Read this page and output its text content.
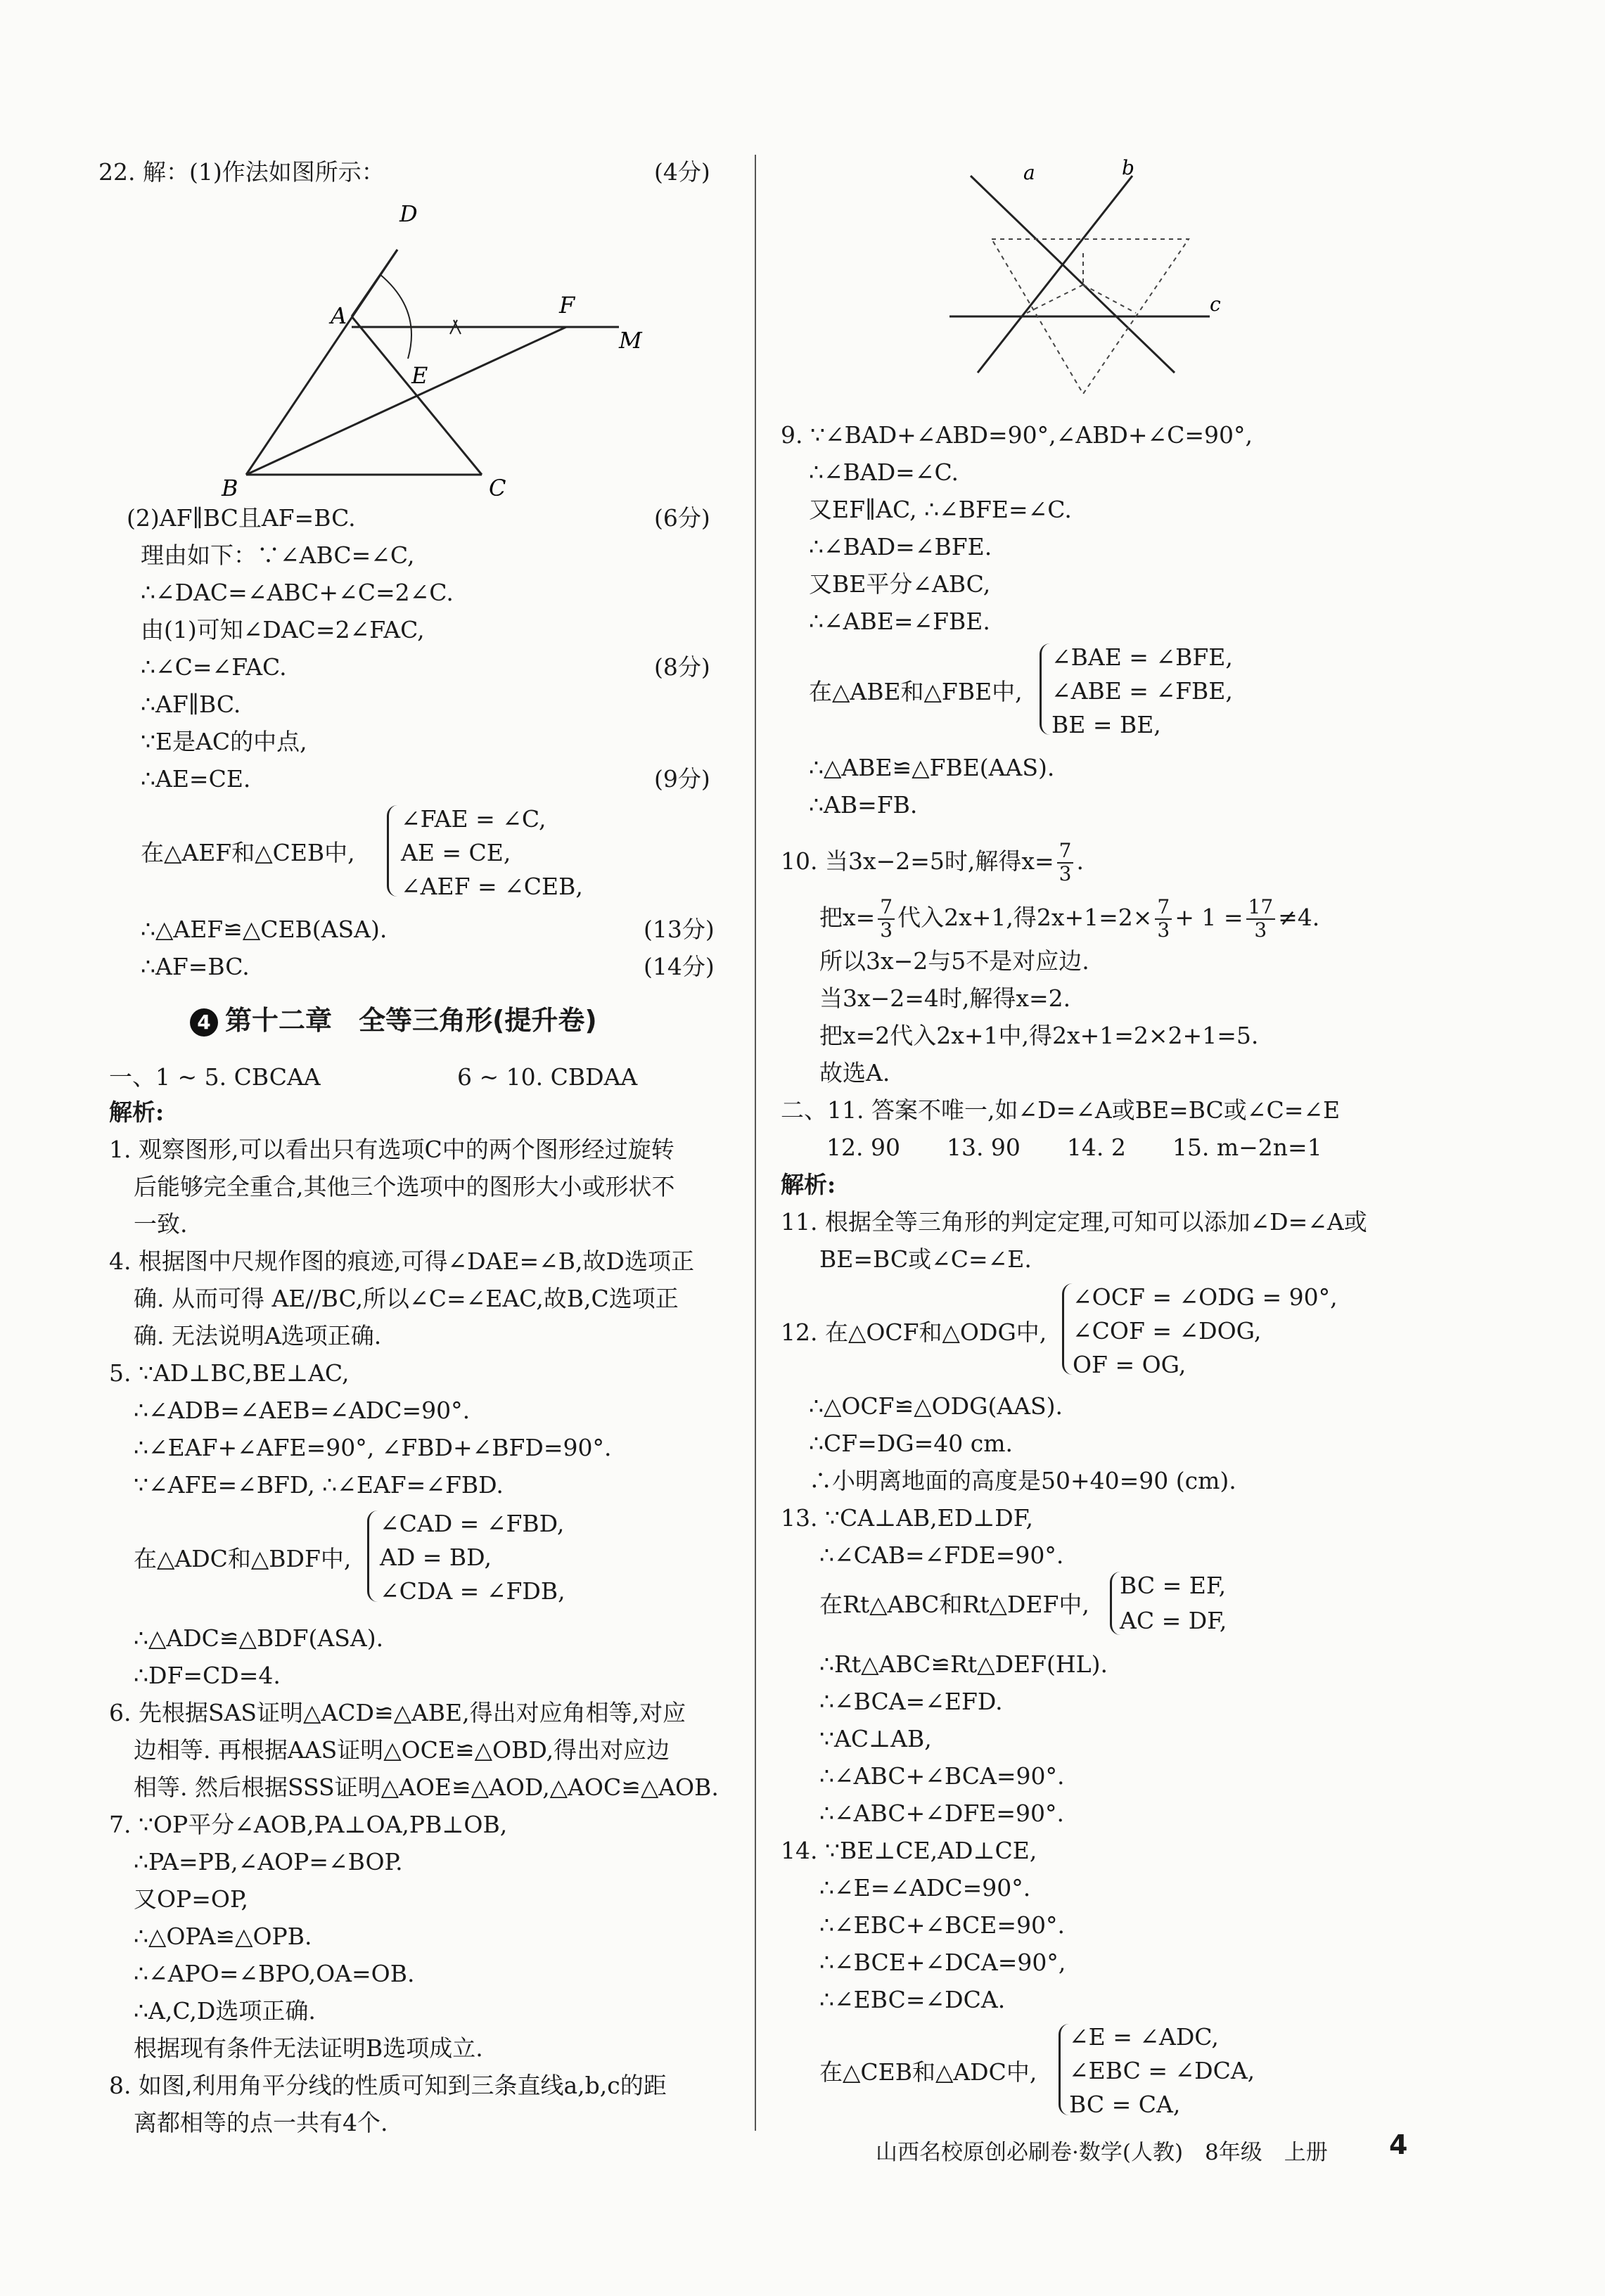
22. 解：(1)作法如图所示：	(4分)
D
A	F
M
E
B	C
(2)AF∥BC且AF=BC.	(6分)
理由如下：∵∠ABC=∠C,
∴∠DAC=∠ABC+∠C=2∠C.
由(1)可知∠DAC=2∠FAC,
∴∠C=∠FAC.	(8分)
∴AF∥BC.
∵E是AC的中点,
∴AE=CE.	(9分)
在△AEF和△CEB中,
∠FAE = ∠C,
AE = CE,
∠AEF = ∠CEB,
∴△AEF≌△CEB(ASA).	(13分)
∴AF=BC.	(14分)
4 第十二章　全等三角形(提升卷)
一、1 ~ 5. CBCAA	6 ~ 10. CBDAA
解析:
1. 观察图形,可以看出只有选项C中的两个图形经过旋转
后能够完全重合,其他三个选项中的图形大小或形状不
一致.
4. 根据图中尺规作图的痕迹,可得∠DAE=∠B,故D选项正
确. 从而可得 AE//BC,所以∠C=∠EAC,故B,C选项正
确. 无法说明A选项正确.
5. ∵AD⊥BC,BE⊥AC,
∴∠ADB=∠AEB=∠ADC=90°.
∴∠EAF+∠AFE=90°, ∠FBD+∠BFD=90°.
∵∠AFE=∠BFD, ∴∠EAF=∠FBD.
在△ADC和△BDF中,
∠CAD = ∠FBD,
AD = BD,
∠CDA = ∠FDB,
∴△ADC≌△BDF(ASA).
∴DF=CD=4.
6. 先根据SAS证明△ACD≌△ABE,得出对应角相等,对应
边相等. 再根据AAS证明△OCE≌△OBD,得出对应边
相等. 然后根据SSS证明△AOE≌△AOD,△AOC≌△AOB.
7. ∵OP平分∠AOB,PA⊥OA,PB⊥OB,
∴PA=PB,∠AOP=∠BOP.
又OP=OP,
∴△OPA≌△OPB.
∴∠APO=∠BPO,OA=OB.
∴A,C,D选项正确.
根据现有条件无法证明B选项成立.
8. 如图,利用角平分线的性质可知到三条直线a,b,c的距
离都相等的点一共有4个.
a	b
c
9. ∵∠BAD+∠ABD=90°,∠ABD+∠C=90°,
∴∠BAD=∠C.
又EF∥AC, ∴∠BFE=∠C.
∴∠BAD=∠BFE.
又BE平分∠ABC,
∴∠ABE=∠FBE.
在△ABE和△FBE中,
∠BAE = ∠BFE,
∠ABE = ∠FBE,
BE = BE,
∴△ABE≌△FBE(AAS).
∴AB=FB.
10. 当3x−2=5时,解得$x= \frac{7}{3}$ .
把$x= \frac{7}{3}$ 代入2x+1,得$2x+1=2\times \frac{7}{3} + 1 = \frac{17}{3} \ne 4$.
所以3x−2与5不是对应边.
当3x−2=4时,解得x=2.
把x=2代入2x+1中,得2x+1=2×2+1=5.
故选A.
二、11. 答案不唯一,如∠D=∠A或BE=BC或∠C=∠E
12. 90　　13. 90　　14. 2　　15. m−2n=1
解析:
11. 根据全等三角形的判定定理,可知可以添加∠D=∠A或
BE=BC或∠C=∠E.
12. 在△OCF和△ODG中,
∠OCF = ∠ODG = 90°,
∠COF = ∠DOG,
OF = OG,
∴△OCF≌△ODG(AAS).
∴CF=DG=40 cm.
∴小明离地面的高度是50+40=90 (cm).
13. ∵CA⊥AB,ED⊥DF,
∴∠CAB=∠FDE=90°.
在Rt△ABC和Rt△DEF中,
BC = EF,
AC = DF,
∴Rt△ABC≌Rt△DEF(HL).
∴∠BCA=∠EFD.
∵AC⊥AB,
∴∠ABC+∠BCA=90°.
∴∠ABC+∠DFE=90°.
14. ∵BE⊥CE,AD⊥CE,
∴∠E=∠ADC=90°.
∴∠EBC+∠BCE=90°.
∴∠BCE+∠DCA=90°,
∴∠EBC=∠DCA.
在△CEB和△ADC中,
∠E = ∠ADC,
∠EBC = ∠DCA,
BC = CA,
山西名校原创必刷卷·数学(人教)　8年级　上册 4
